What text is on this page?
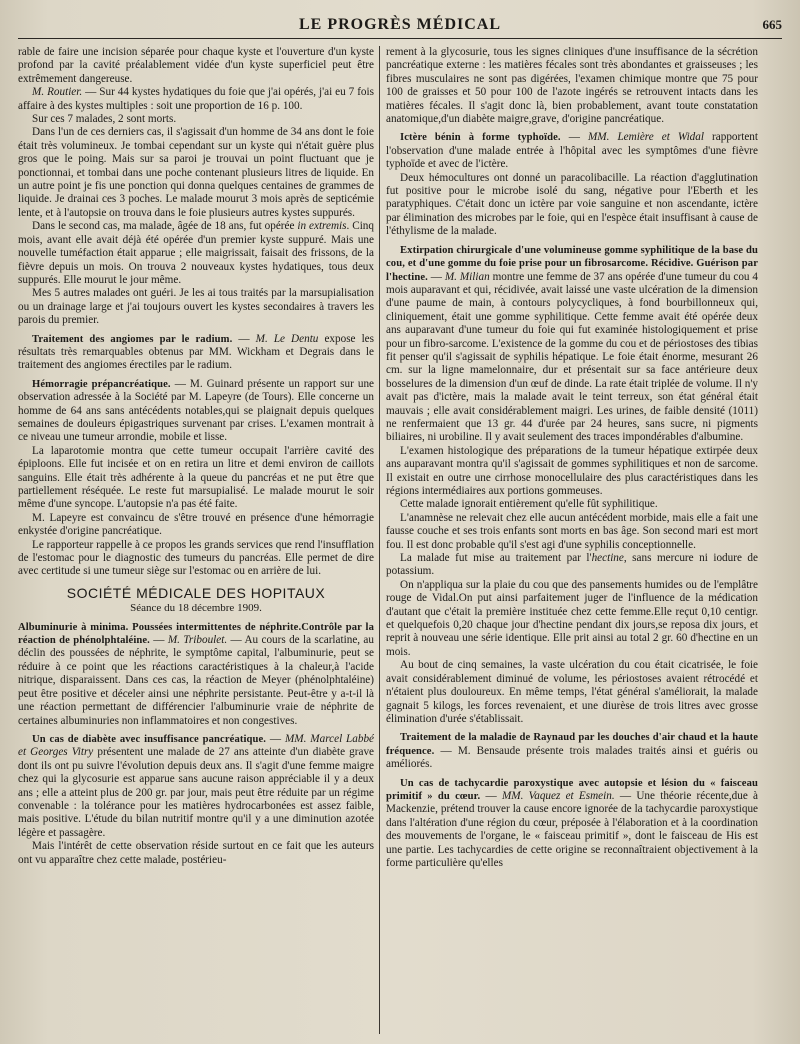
LE PROGRÈS MÉDICAL	665

rable de faire une incision séparée pour chaque kyste et l'ouverture d'un kyste profond par la cavité préalablement vidée d'un kyste superficiel peut être extrêmement dangereuse.

M. Routier. — Sur 44 kystes hydatiques du foie que j'ai opérés, j'ai eu 7 fois affaire à des kystes multiples : soit une proportion de 16 p. 100.

Sur ces 7 malades, 2 sont morts.

Dans l'un de ces derniers cas, il s'agissait d'un homme de 34 ans dont le foie était très volumineux. Je tombai cependant sur un kyste qui n'était guère plus gros que le poing. Mais sur sa paroi je trouvai un point fluctuant que je ponctionnai, et tombai dans une poche contenant plusieurs litres de liquide. En un autre point je fis une ponction qui donna quelques centaines de grammes de liquide. Je drainai ces 3 poches. Le malade mourut 3 mois après de septicémie lente, et à l'autopsie on trouva dans le foie plusieurs autres kystes suppurés.

Dans le second cas, ma malade, âgée de 18 ans, fut opérée in extremis. Cinq mois, avant elle avait déjà été opérée d'un premier kyste suppuré. Mais une nouvelle tuméfaction était apparue ; elle maigrissait, faisait des frissons, de la fièvre depuis un mois. On trouva 2 nouveaux kystes hydatiques, tous deux suppurés. Elle mourut le jour même.

Mes 5 autres malades ont guéri. Je les ai tous traités par la marsupialisation ou un drainage large et j'ai toujours ouvert les kystes secondaires à travers les parois du premier.

Traitement des angiomes par le radium. — M. Le Dentu expose les résultats très remarquables obtenus par MM. Wickham et Degrais dans le traitement des angiomes érectiles par le radium.

Hémorragie prépancréatique. — M. Guinard présente un rapport sur une observation adressée à la Société par M. Lapeyre (de Tours). Elle concerne un homme de 64 ans sans antécédents notables,qui se plaignait depuis quelques semaines de douleurs épigastriques survenant par crises. L'examen montrait à ce niveau une tumeur arrondie, mobile et lisse.

La laparotomie montra que cette tumeur occupait l'arrière cavité des épiploons. Elle fut incisée et on en retira un litre et demi environ de caillots sanguins. Elle était très adhérente à la queue du pancréas et ne put être que partiellement réséquée. Le reste fut marsupialisé. Le malade mourut le soir même d'une syncope. L'autopsie n'a pas été faite.

M. Lapeyre est convaincu de s'être trouvé en présence d'une hémorragie enkystée d'origine pancréatique.

Le rapporteur rappelle à ce propos les grands services que rend l'insufflation de l'estomac pour le diagnostic des tumeurs du pancréas. Elle permet de dire avec certitude si une tumeur siège sur l'estomac ou en arrière de lui.

SOCIÉTÉ MÉDICALE DES HOPITAUX
Séance du 18 décembre 1909.

Albuminurie à minima. Poussées intermittentes de néphrite.Contrôle par la réaction de phénolphtaléine. — M. Triboulet. — Au cours de la scarlatine, au déclin des poussées de néphrite, le symptôme capital, l'albuminurie, peut se réduire à ce point que les réactions caractéristiques à la chaleur,à l'acide nitrique, disparaissent. Dans ces cas, la réaction de Meyer (phénolphtaléine) peut être positive et déceler ainsi une néphrite persistante. Peut-être y a-t-il là une réaction permettant de différencier l'albuminurie vraie de néphrite de certaines albuminuries non inflammatoires et non congestives.

Un cas de diabète avec insuffisance pancréatique. — MM. Marcel Labbé et Georges Vitry présentent une malade de 27 ans atteinte d'un diabète grave dont ils ont pu suivre l'évolution depuis deux ans. Il s'agit d'une femme maigre chez qui la glycosurie est apparue sans aucune raison appréciable il y a deux ans ; elle a atteint plus de 200 gr. par jour, mais peut être réduite par un régime convenable : la tolérance pour les matières hydrocarbonées est assez faible, mais positive. L'étude du bilan nutritif montre qu'il y a une diminution azotée légère et passagère.

Mais l'intérêt de cette observation réside surtout en ce fait que les auteurs ont vu apparaître chez cette malade, postérieu-

rement à la glycosurie, tous les signes cliniques d'une insuffisance de la sécrétion pancréatique externe : les matières fécales sont très abondantes et graisseuses ; les fibres musculaires ne sont pas digérées, l'examen chimique montre que 75 pour 100 de graisses et 50 pour 100 de l'azote ingérés se retrouvent intacts dans les matières fécales. Il s'agit donc là, bien probablement, avant toute constatation anatomique,d'un diabète maigre,grave, d'origine pancréatique.

Ictère bénin à forme typhoïde. — MM. Lemière et Widal rapportent l'observation d'une malade entrée à l'hôpital avec les symptômes d'une fièvre typhoïde et avec de l'ictère.

Deux hémocultures ont donné un paracolibacille. La réaction d'agglutination fut positive pour le microbe isolé du sang, négative pour l'Eberth et les paratyphiques. C'était donc un ictère par voie sanguine et non ascendante, ictère par élimination des microbes par le foie, qui en l'espèce était insuffisant à cause de l'éthylisme de la malade.

Extirpation chirurgicale d'une volumineuse gomme syphilitique de la base du cou, et d'une gomme du foie prise pour un fibrosarcome. Récidive. Guérison par l'hectine. — M. Milian montre une femme de 37 ans opérée d'une tumeur du cou 4 mois auparavant et qui, récidivée, avait laissé une vaste ulcération de la dimension d'une paume de main, à contours polycycliques, à fond bourbillonneux qui, cliniquement, était une gomme syphilitique. Cette femme avait été opérée deux ans auparavant d'une tumeur du foie qui fut examinée histologiquement et prise pour un fibro-sarcome. L'existence de la gomme du cou et de périostoses des tibias fit penser qu'il s'agissait de syphilis hépatique. Le foie était énorme, mesurant 26 cm. sur la ligne mamelonnaire, dur et présentait sur sa face antérieure deux bosselures de la dimension d'un œuf de dinde. La rate était triplée de volume. Il n'y avait pas d'ictère, mais la malade avait le teint terreux, son état général était mauvais ; elle avait considérablement maigri. Les urines, de faible densité (1011) ne renfermaient que 13 gr. 44 d'urée par 24 heures, sans sucre, ni pigments biliaires, ni urobiline. Il y avait seulement des traces impondérables d'albumine.

L'examen histologique des préparations de la tumeur hépatique extirpée deux ans auparavant montra qu'il s'agissait de gommes syphilitiques et non de sarcome. Il existait en outre une cirrhose monocellulaire des plus caractéristiques dans les régions intermédiaires aux portions gommeuses.

Cette malade ignorait entièrement qu'elle fût syphilitique.

L'anamnèse ne relevait chez elle aucun antécédent morbide, mais elle a fait une fausse couche et ses trois enfants sont morts en bas âge. Son second mari est mort fou. Il est donc probable qu'il s'est agi d'une syphilis conceptionnelle.

La malade fut mise au traitement par l'hectine, sans mercure ni iodure de potassium.

On n'appliqua sur la plaie du cou que des pansements humides ou de l'emplâtre rouge de Vidal.On put ainsi parfaitement juger de l'influence de la médication d'autant que c'était la première instituée chez cette femme.Elle reçut 0,10 centigr. et quelquefois 0,20 chaque jour d'hectine pendant dix jours,se reposa dix jours, et reprit à nouveau une série identique. Elle prit ainsi au total 2 gr. 60 d'hectine en un mois.

Au bout de cinq semaines, la vaste ulcération du cou était cicatrisée, le foie avait considérablement diminué de volume, les périostoses avaient rétrocédé et n'étaient plus douloureux. En même temps, l'état général s'améliorait, la malade gagnait 5 kilogs, les forces revenaient, et une diurèse de trois litres avec grosse élimination d'urée s'établissait.

Traitement de la maladie de Raynaud par les douches d'air chaud et la haute fréquence. — M. Bensaude présente trois malades traités ainsi et guéris ou améliorés.

Un cas de tachycardie paroxystique avec autopsie et lésion du « faisceau primitif » du cœur. — MM. Vaquez et Esmein. — Une théorie récente,due à Mackenzie, prétend trouver la cause encore ignorée de la tachycardie paroxystique dans l'altération d'une région du cœur, préposée à l'élaboration et à la coordination des mouvements de l'organe, le « faisceau primitif », dont le faisceau de His est une partie. Les tachycardies de cette origine se reconnaîtraient objectivement à la forme particulière qu'elles
